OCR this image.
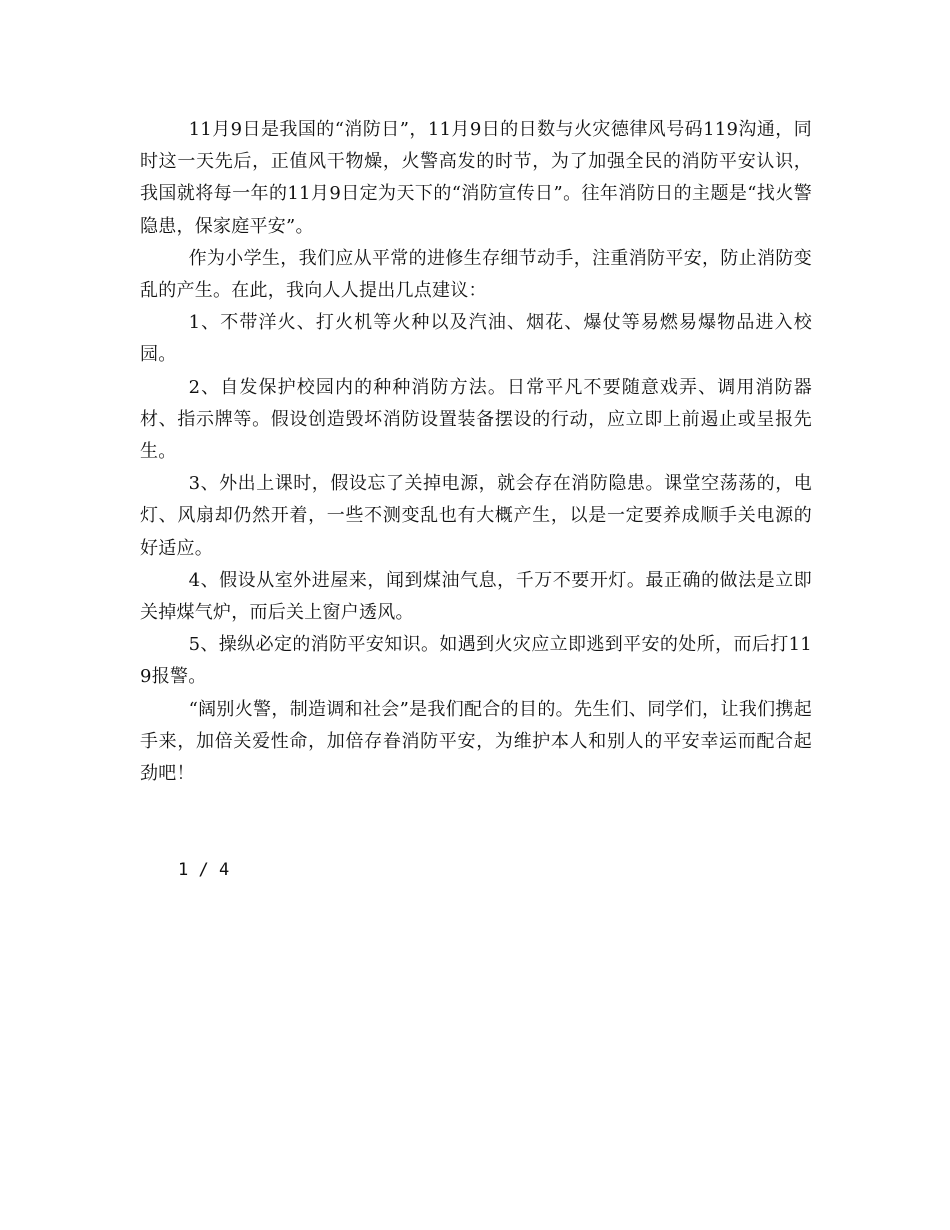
11月9日是我国的“消防日”，11月9日的日数与火灾德律风号码119沟通，同时这一天先后，正值风干物燥，火警高发的时节，为了加强全民的消防平安认识，我国就将每一年的11月9日定为天下的“消防宣传日”。往年消防日的主题是“找火警隐患，保家庭平安”。

作为小学生，我们应从平常的进修生存细节动手，注重消防平安，防止消防变乱的产生。在此，我向人人提出几点建议：

1、不带洋火、打火机等火种以及汽油、烟花、爆仗等易燃易爆物品进入校园。

2、自发保护校园内的种种消防方法。日常平凡不要随意戏弄、调用消防器材、指示牌等。假设创造毁坏消防设置装备摆设的行动，应立即上前遏止或呈报先生。

3、外出上课时，假设忘了关掉电源，就会存在消防隐患。课堂空荡荡的，电灯、风扇却仍然开着，一些不测变乱也有大概产生，以是一定要养成顺手关电源的好适应。

4、假设从室外进屋来，闻到煤油气息，千万不要开灯。最正确的做法是立即关掉煤气炉，而后关上窗户透风。

5、操纵必定的消防平安知识。如遇到火灾应立即逃到平安的处所，而后打119报警。

“阔别火警，制造调和社会”是我们配合的目的。先生们、同学们，让我们携起手来，加倍关爱性命，加倍存眷消防平安，为维护本人和别人的平安幸运而配合起劲吧！

1 / 4
